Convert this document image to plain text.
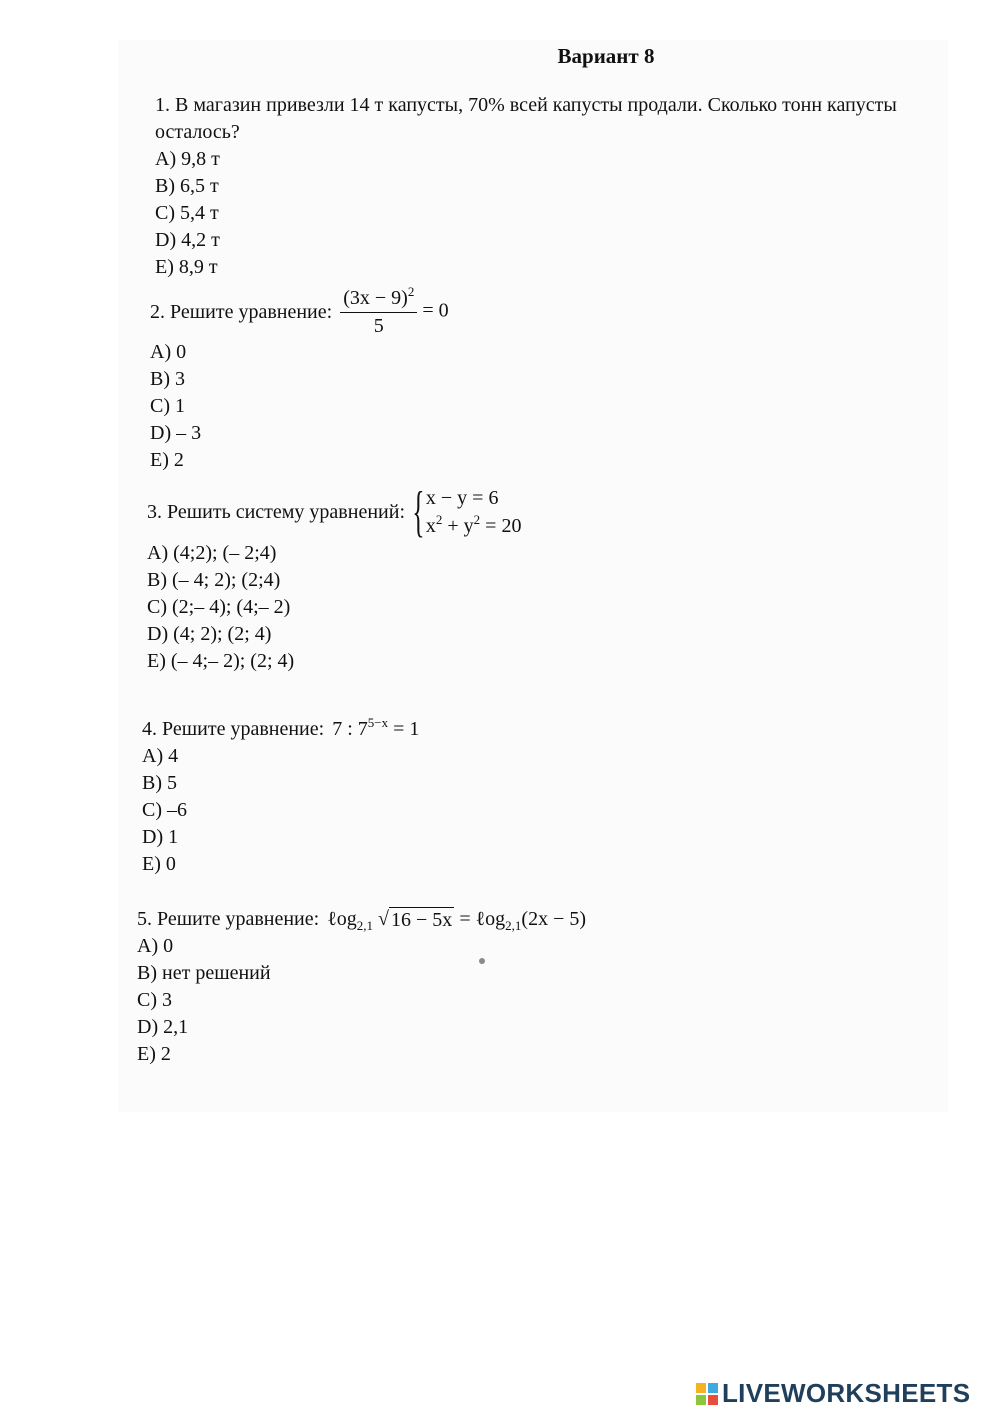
Вариант 8
1. В магазин привезли 14 т капусты, 70% всей капусты продали. Сколько тонн капусты осталось?
A) 9,8 т
B) 6,5 т
C) 5,4 т
D) 4,2 т
E) 8,9 т
2. Решите уравнение: $\frac{(3x - 9)^2}{5} = 0$
A) 0
B) 3
C) 1
D) – 3
E) 2
3. Решить систему уравнений: { x − y = 6
$x^2 + y^2 = 20$
A) (4;2); (– 2;4)
B) (– 4; 2); (2;4)
C) (2;– 4); (4;– 2)
D) (4; 2); (2; 4)
E) (– 4;– 2); (2; 4)
4. Решите уравнение: 7 : $7^{5-x} = 1$
A) 4
B) 5
C) –6
D) 1
E) 0
5. Решите уравнение: ℓog$_{2,1}$ √ 16 − 5x = ℓog$_{2,1}$(2x − 5)
A) 0
B) нет решений
C) 3
D) 2,1
E) 2
LIVEWORKSHEETS
